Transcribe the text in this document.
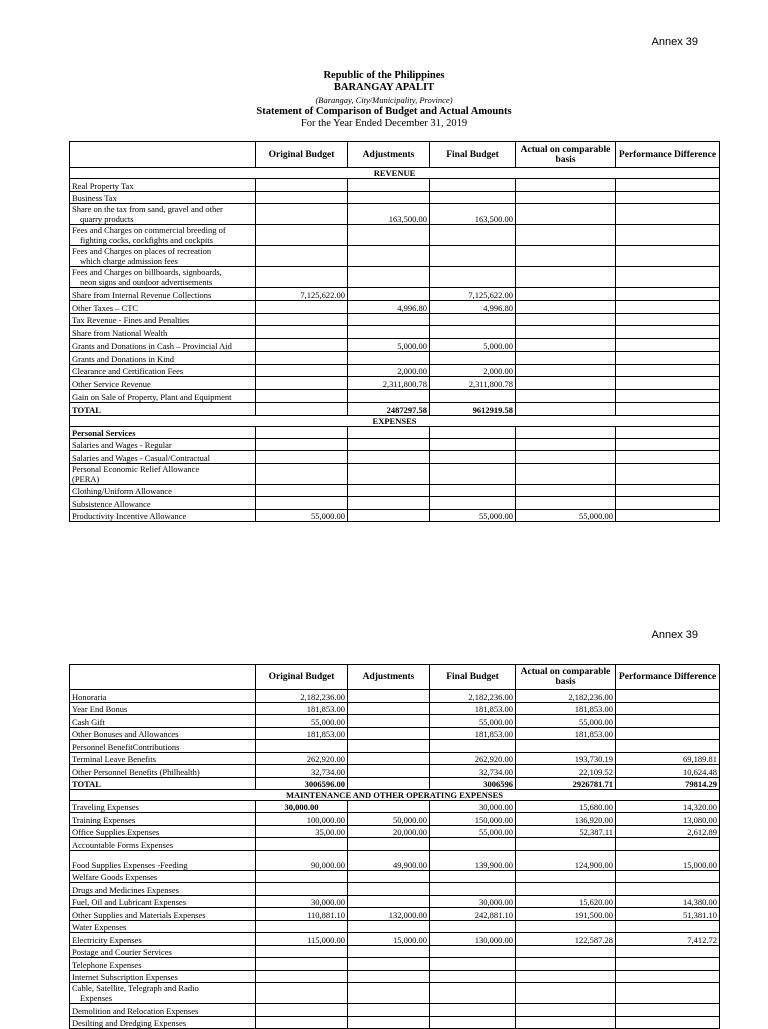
Annex 39
Republic of the Philippines
BARANGAY APALIT
(Barangay, City/Municipality, Province)
Statement of Comparison of Budget and Actual Amounts
For the Year Ended December 31, 2019
	Original Budget	Adjustments	Final Budget	Actual on comparable basis	Performance Difference
REVENUE					
Real Property Tax					
Business Tax					
Share on the tax from sand, gravel and other
quarry products		163,500.00	163,500.00		
Fees and Charges on commercial breeding of
fighting cocks, cockfights and cockpits					

Fees and Charges on places of recreation
which charge admission fees					

Fees and Charges on billboards, signboards,
neon signs and outdoor advertisements					

Share from Internal Revenue Collections	7,125,622.00		7,125,622.00		
Other Taxes – CTC		4,996.80	4,996.80		
Tax Revenue - Fines and Penalties					
Share from National Wealth					
Grants and Donations in Cash – Provincial Aid		5,000.00	5,000.00		
Grants and Donations in Kind					
Clearance and Certification Fees		2,000.00	2,000.00		
Other Service Revenue		2,311,800.78	2,311,800.78		
Gain on Sale of Property, Plant and Equipment					
TOTAL		2487297.58	9612919.58		
EXPENSES					
Personal Services					
Salaries and Wages - Regular					
Salaries and Wages - Casual/Contractual					
Personal Economic Relief Allowance
(PERA)					

Clothing/Uniform Allowance					
Subsistence Allowance					
Productivity Incentive Allowance	55,000.00		55,000.00	55,000.00	
Annex 39
	Original Budget	Adjustments	Final Budget	Actual on comparable basis	Performance Difference
Honoraria	2,182,236.00		2,182,236.00	2,182,236.00	
Year End Bonus	181,853.00		181,853.00	181,853.00	
Cash Gift	55,000.00		55,000.00	55,000.00	
Other Bonuses and Allowances	181,853.00		181,853.00	181,853.00	
Personnel BenefitContributions					
Terminal Leave Benefits	262,920.00		262,920.00	193,730.19	69,189.81
Other Personnel Benefits (Philhealth)	32,734.00		32,734.00	22,109.52	10,624.48
TOTAL	3006596.00		3006596	2926781.71	79814.29
MAINTENANCE AND OTHER OPERATING EXPENSES					
Traveling Expenses	30,000.00		30,000.00	15,680.00	14,320.00
Training Expenses	100,000.00	50,000.00	150,000.00	136,920.00	13,080.00
Office Supplies Expenses	35,00.00	20,000.00	55,000.00	52,387.11	2,612.89
Accountable Forms Expenses					
Food Supplies Expenses -Feeding	90,000.00	49,900.00	139,900.00	124,900.00	15,000.00
Welfare Goods Expenses					
Drugs and Medicines Expenses					
Fuel, Oil and Lubricant Expenses	30,000.00		30,000.00	15,620.00	14,380.00
Other Supplies and Materials Expenses	110,881.10	132,000.00	242,881.10	191,500.00	51,381.10
Water Expenses					
Electricity Expenses	115,000.00	15,000.00	130,000.00	122,587.28	7,412.72
Postage and Courier Services					
Telephone Expenses					
Internet Subscription Expenses					
Cable, Satellite, Telegraph and Radio
Expenses					

Demolition and Relocation Expenses					
Desilting and Dredging Expenses					
